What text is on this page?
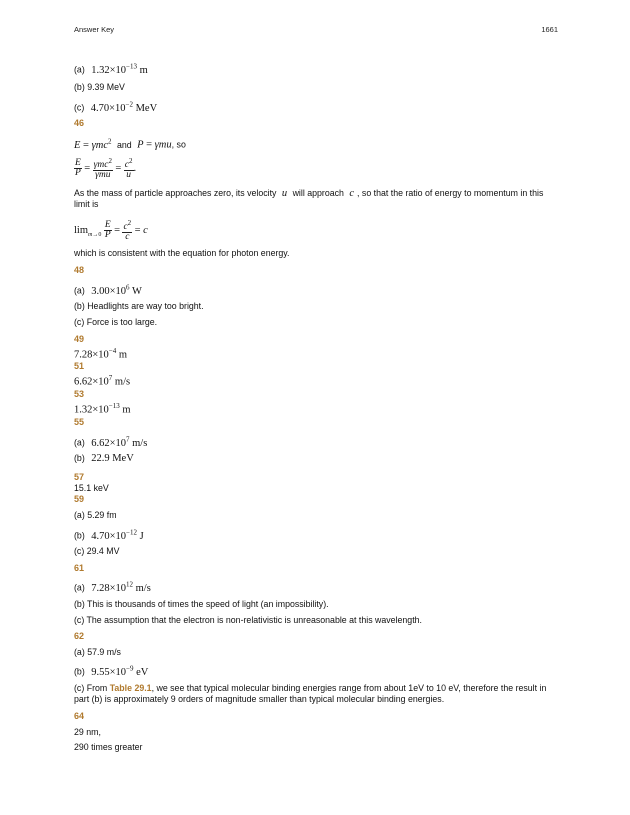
Answer Key	1661
(a) $1.32\times 10^{-13}$ m
(b) 9.39 MeV
(c) $4.70\times 10^{-2}$ MeV
46
E = γmc$^2$ and P = γmu, so
$\frac{E}{P} = \frac{\gamma mc^2}{\text{γmu}} = \frac{c^2}{u}$ .
As the mass of particle approaches zero, its velocity u will approach c , so that the ratio of energy to momentum in this limit is
$\lim_{m\to 0} \frac{E}{P} = \frac{c^2}{c} = c$
which is consistent with the equation for photon energy.
48
(a) $3.00\times 10^6$ W
(b) Headlights are way too bright.
(c) Force is too large.
49
$7.28\times 10^{-4}$ m
51
$6.62\times 10^7$ m/s
53
$1.32\times 10^{-13}$ m
55
(a) $6.62\times 10^7$ m/s
(b) 22.9 MeV
57
15.1 keV
59
(a) 5.29 fm
(b) $4.70\times 10^{-12}$ J
(c) 29.4 MV
61
(a) $7.28\times 10^{12}$ m/s
(b) This is thousands of times the speed of light (an impossibility).
(c) The assumption that the electron is non-relativistic is unreasonable at this wavelength.
62
(a) 57.9 m/s
(b) $9.55\times 10^{-9}$ eV
(c) From Table 29.1, we see that typical molecular binding energies range from about 1eV to 10 eV, therefore the result in part (b) is approximately 9 orders of magnitude smaller than typical molecular binding energies.
64
29 nm,
290 times greater
